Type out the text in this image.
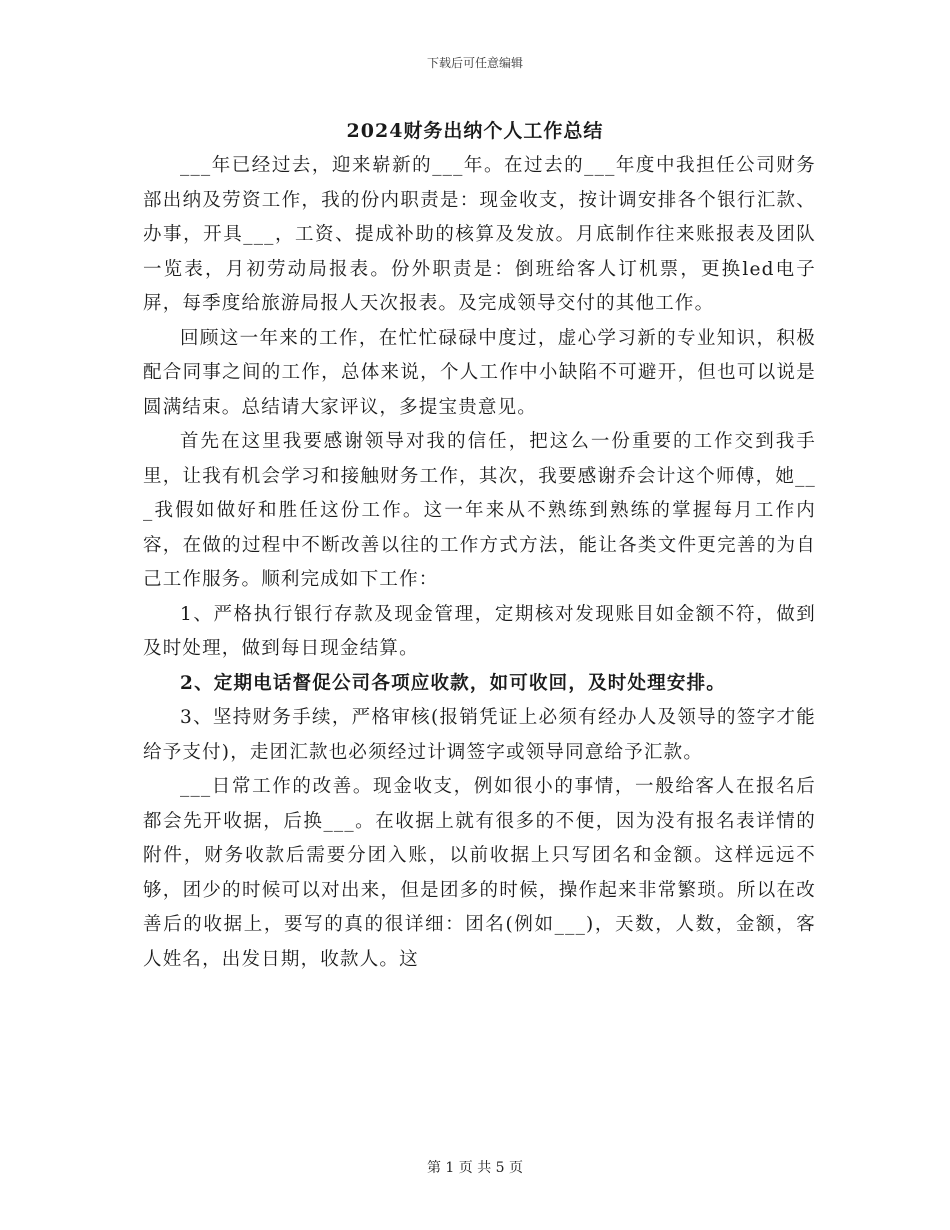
下载后可任意编辑
2024财务出纳个人工作总结

___年已经过去，迎来崭新的___年。在过去的___年度中我担任公司财务部出纳及劳资工作，我的份内职责是：现金收支，按计调安排各个银行汇款、办事，开具___，工资、提成补助的核算及发放。月底制作往来账报表及团队一览表，月初劳动局报表。份外职责是：倒班给客人订机票，更换led电子屏，每季度给旅游局报人天次报表。及完成领导交付的其他工作。

回顾这一年来的工作，在忙忙碌碌中度过，虚心学习新的专业知识，积极配合同事之间的工作，总体来说，个人工作中小缺陷不可避开，但也可以说是圆满结束。总结请大家评议，多提宝贵意见。

首先在这里我要感谢领导对我的信任，把这么一份重要的工作交到我手里，让我有机会学习和接触财务工作，其次，我要感谢乔会计这个师傅，她___我假如做好和胜任这份工作。这一年来从不熟练到熟练的掌握每月工作内容，在做的过程中不断改善以往的工作方式方法，能让各类文件更完善的为自己工作服务。顺利完成如下工作：

1、严格执行银行存款及现金管理，定期核对发现账目如金额不符，做到及时处理，做到每日现金结算。

2、定期电话督促公司各项应收款，如可收回，及时处理安排。

3、坚持财务手续，严格审核(报销凭证上必须有经办人及领导的签字才能给予支付)，走团汇款也必须经过计调签字或领导同意给予汇款。

___日常工作的改善。现金收支，例如很小的事情，一般给客人在报名后都会先开收据，后换___。在收据上就有很多的不便，因为没有报名表详情的附件，财务收款后需要分团入账，以前收据上只写团名和金额。这样远远不够，团少的时候可以对出来，但是团多的时候，操作起来非常繁琐。所以在改善后的收据上，要写的真的很详细：团名(例如___)，天数，人数，金额，客人姓名，出发日期，收款人。这

第 1 页 共 5 页
